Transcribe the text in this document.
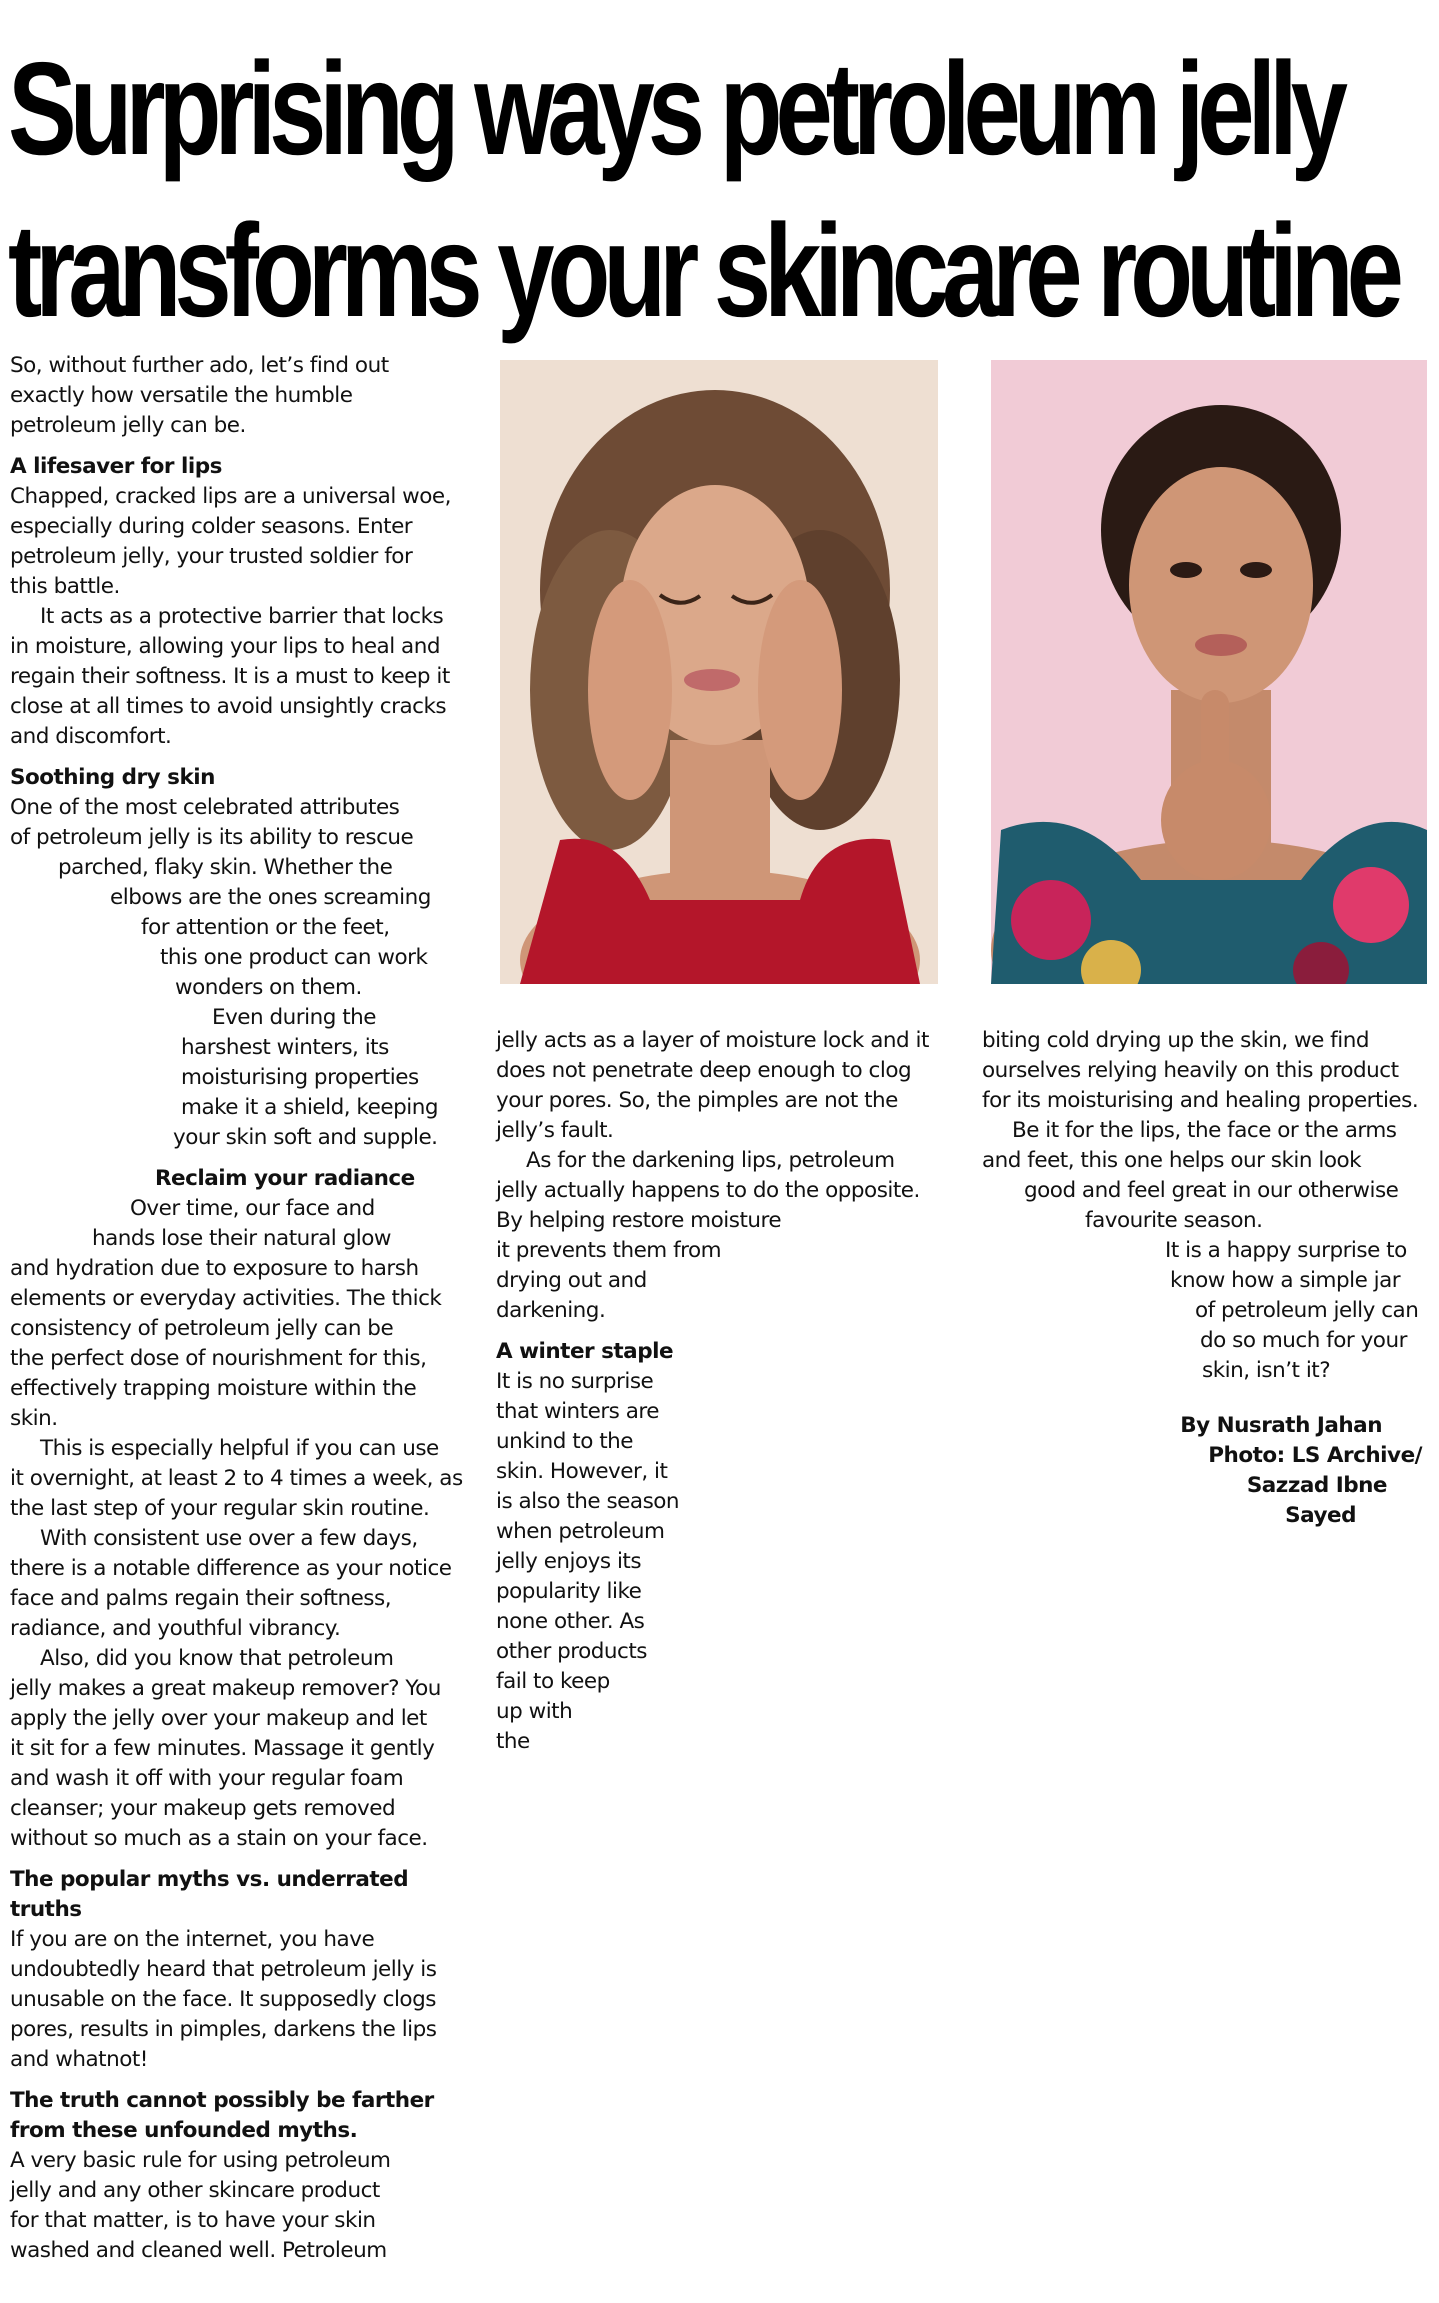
Surprising ways petroleum jelly
transforms your skincare routine

So, without further ado, let’s find out

exactly how versatile the humble

petroleum jelly can be.

A lifesaver for lips

Chapped, cracked lips are a universal woe,

especially during colder seasons. Enter

petroleum jelly, your trusted soldier for

this battle.

It acts as a protective barrier that locks

in moisture, allowing your lips to heal and

regain their softness. It is a must to keep it

close at all times to avoid unsightly cracks

and discomfort.

Soothing dry skin

One of the most celebrated attributes

of petroleum jelly is its ability to rescue

parched, flaky skin. Whether the

elbows are the ones screaming

for attention or the feet,

this one product can work

wonders on them.

Even during the

harshest winters, its

moisturising properties

make it a shield, keeping

your skin soft and supple.

Reclaim your radiance

Over time, our face and

hands lose their natural glow

and hydration due to exposure to harsh

elements or everyday activities. The thick

consistency of petroleum jelly can be

the perfect dose of nourishment for this,

effectively trapping moisture within the

skin.

This is especially helpful if you can use

it overnight, at least 2 to 4 times a week, as

the last step of your regular skin routine.

With consistent use over a few days,

there is a notable difference as your notice

face and palms regain their softness,

radiance, and youthful vibrancy.

Also, did you know that petroleum

jelly makes a great makeup remover? You

apply the jelly over your makeup and let

it sit for a few minutes. Massage it gently

and wash it off with your regular foam

cleanser; your makeup gets removed

without so much as a stain on your face.

The popular myths vs. underrated

truths

If you are on the internet, you have

undoubtedly heard that petroleum jelly is

unusable on the face. It supposedly clogs

pores, results in pimples, darkens the lips

and whatnot!

The truth cannot possibly be farther

from these unfounded myths.

A very basic rule for using petroleum

jelly and any other skincare product

for that matter, is to have your skin

washed and cleaned well. Petroleum

jelly acts as a layer of moisture lock and it

does not penetrate deep enough to clog

your pores. So, the pimples are not the

jelly’s fault.

As for the darkening lips, petroleum

jelly actually happens to do the opposite.

By helping restore moisture

it prevents them from

drying out and

darkening.

A winter staple

It is no surprise

that winters are

unkind to the

skin. However, it

is also the season

when petroleum

jelly enjoys its

popularity like

none other. As

other products

fail to keep

up with

the

biting cold drying up the skin, we find

ourselves relying heavily on this product

for its moisturising and healing properties.

Be it for the lips, the face or the arms

and feet, this one helps our skin look

good and feel great in our otherwise

favourite season.

It is a happy surprise to

know how a simple jar

of petroleum jelly can

do so much for your

skin, isn’t it?

By Nusrath Jahan

Photo: LS Archive/

Sazzad Ibne

Sayed
